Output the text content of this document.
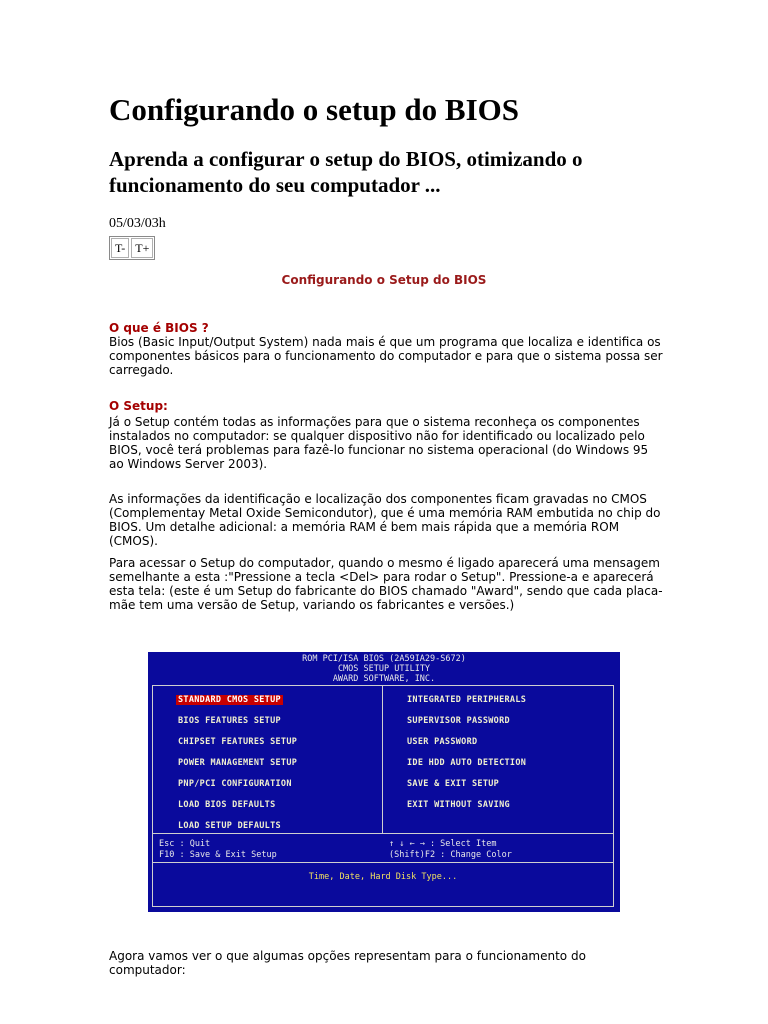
Configurando o setup do BIOS
Aprenda a configurar o setup do BIOS, otimizando o funcionamento do seu computador ...
05/03/03h
T- T+
Configurando o Setup do BIOS
O que é BIOS ?

Bios (Basic Input/Output System) nada mais é que um programa que localiza e identifica os componentes básicos para o funcionamento do computador e para que o sistema possa ser carregado.

O Setup:

Já o Setup contém todas as informações para que o sistema reconheça os componentes instalados no computador: se qualquer dispositivo não for identificado ou localizado pelo BIOS, você terá problemas para fazê-lo funcionar no sistema operacional (do Windows 95 ao Windows Server 2003).

As informações da identificação e localização dos componentes ficam gravadas no CMOS (Complementay Metal Oxide Semicondutor), que é uma memória RAM embutida no chip do BIOS. Um detalhe adicional: a memória RAM é bem mais rápida que a memória ROM (CMOS).

Para acessar o Setup do computador, quando o mesmo é ligado aparecerá uma mensagem semelhante a esta :"Pressione a tecla <Del> para rodar o Setup". Pressione-a e aparecerá esta tela: (este é um Setup do fabricante do BIOS chamado "Award", sendo que cada placa-mãe tem uma versão de Setup, variando os fabricantes e versões.)

Agora vamos ver o que algumas opções representam para o funcionamento do computador:

ROM PCI/ISA BIOS (2A59IA29-S672)
CMOS SETUP UTILITY
AWARD SOFTWARE, INC.
STANDARD CMOS SETUP
BIOS FEATURES SETUP
CHIPSET FEATURES SETUP
POWER MANAGEMENT SETUP
PNP/PCI CONFIGURATION
LOAD BIOS DEFAULTS
LOAD SETUP DEFAULTS
INTEGRATED PERIPHERALS
SUPERVISOR PASSWORD
USER PASSWORD
IDE HDD AUTO DETECTION
SAVE & EXIT SETUP
EXIT WITHOUT SAVING
Esc : Quit
F10 : Save & Exit Setup
↑ ↓ ← → : Select Item
(Shift)F2 : Change Color
Time, Date, Hard Disk Type...
